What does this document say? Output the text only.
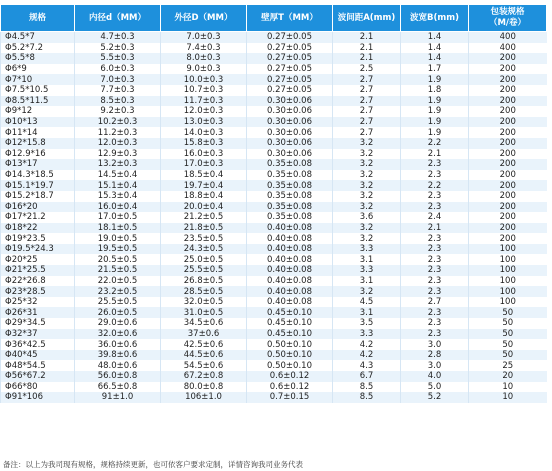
规格	内径d（MM）	外径D（MM）	壁厚T（MM）	波间距A(mm)	波宽B(mm)	包装规格
（M/卷）
Φ4.5*7	4.7±0.3	7.0±0.3	0.27±0.05	2.1	1.4	400
Φ5.2*7.2	5.2±0.3	7.4±0.3	0.27±0.05	2.1	1.4	400
Φ5.5*8	5.5±0.3	8.0±0.3	0.27±0.05	2.1	1.4	200
Φ6*9	6.0±0.3	9.0±0.3	0.27±0.05	2.5	1.7	200
Φ7*10	7.0±0.3	10.0±0.3	0.27±0.05	2.7	1.9	200
Φ7.5*10.5	7.7±0.3	10.7±0.3	0.27±0.05	2.7	1.8	200
Φ8.5*11.5	8.5±0.3	11.7±0.3	0.30±0.06	2.7	1.9	200
Φ9*12	9.2±0.3	12.0±0.3	0.30±0.06	2.7	1.9	200
Φ10*13	10.2±0.3	13.0±0.3	0.30±0.06	2.7	1.9	200
Φ11*14	11.2±0.3	14.0±0.3	0.30±0.06	2.7	1.9	200
Φ12*15.8	12.0±0.3	15.8±0.3	0.30±0.06	3.2	2.2	200
Φ12.9*16	12.9±0.3	16.0±0.3	0.30±0.06	3.2	2.1	200
Φ13*17	13.2±0.3	17.0±0.3	0.35±0.08	3.2	2.3	200
Φ14.3*18.5	14.5±0.4	18.5±0.4	0.35±0.08	3.2	2.3	200
Φ15.1*19.7	15.1±0.4	19.7±0.4	0.35±0.08	3.2	2.2	200
Φ15.2*18.7	15.3±0.4	18.8±0.4	0.35±0.08	3.2	2.3	200
Φ16*20	16.0±0.4	20.0±0.4	0.35±0.08	3.2	2.3	200
Φ17*21.2	17.0±0.5	21.2±0.5	0.35±0.08	3.6	2.4	200
Φ18*22	18.1±0.5	21.8±0.5	0.40±0.08	3.2	2.1	200
Φ19*23.5	19.0±0.5	23.5±0.5	0.40±0.08	3.2	2.3	200
Φ19.5*24.3	19.5±0.5	24.3±0.5	0.40±0.08	3.3	2.3	100
Φ20*25	20.5±0.5	25.0±0.5	0.40±0.08	3.1	2.3	100
Φ21*25.5	21.5±0.5	25.5±0.5	0.40±0.08	3.3	2.3	100
Φ22*26.8	22.0±0.5	26.8±0.5	0.40±0.08	3.1	2.3	100
Φ23*28.5	23.2±0.5	28.5±0.5	0.40±0.08	3.2	2.3	100
Φ25*32	25.5±0.5	32.0±0.5	0.40±0.08	4.5	2.7	100
Φ26*31	26.0±0.5	31.0±0.5	0.45±0.10	3.1	2.3	50
Φ29*34.5	29.0±0.6	34.5±0.6	0.45±0.10	3.5	2.3	50
Φ32*37	32.0±0.6	37±0.6	0.45±0.10	3.3	2.3	50
Φ36*42.5	36.0±0.6	42.5±0.6	0.50±0.10	4.2	3.0	50
Φ40*45	39.8±0.6	44.5±0.6	0.50±0.10	4.2	2.8	50
Φ48*54.5	48.0±0.6	54.5±0.6	0.50±0.10	4.3	3.0	25
Φ56*67.2	56.0±0.8	67.2±0.8	0.6±0.12	6.7	4.0	20
Φ66*80	66.5±0.8	80.0±0.8	0.6±0.12	8.5	5.0	10
Φ91*106	91±1.0	106±1.0	0.7±0.15	8.5	5.2	10
备注：以上为我司现有规格，规格持续更新，也可依客户要求定制，详情咨询我司业务代表
